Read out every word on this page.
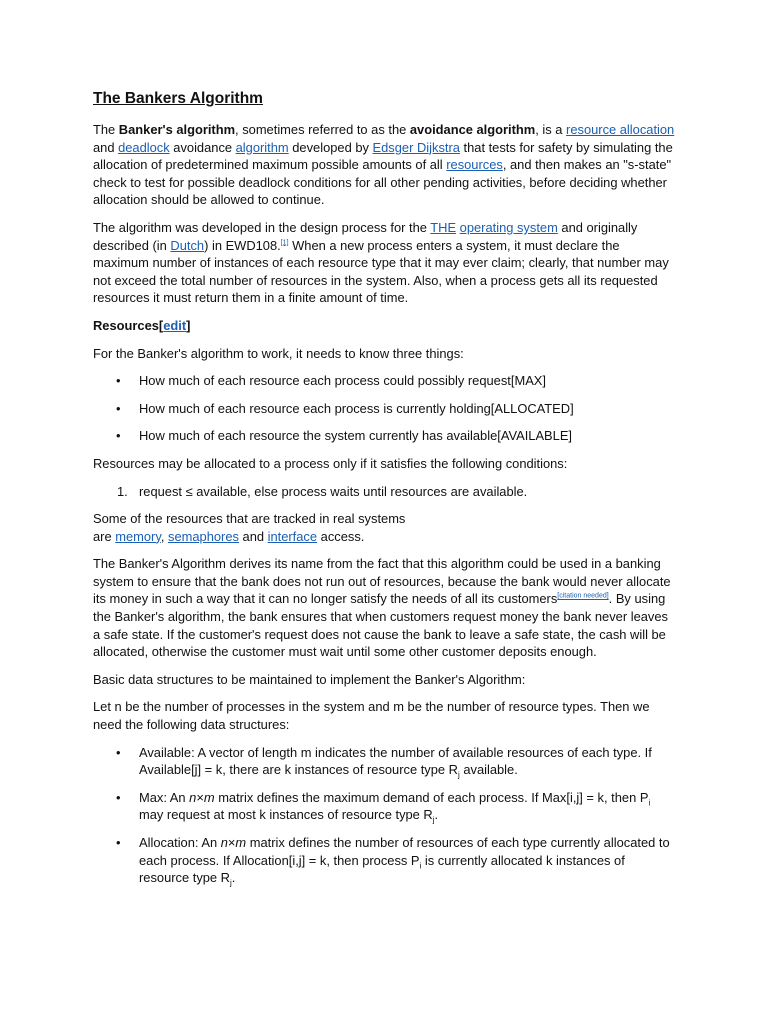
The Bankers Algorithm

The Banker's algorithm, sometimes referred to as the avoidance algorithm, is a resource allocation and deadlock avoidance algorithm developed by Edsger Dijkstra that tests for safety by simulating the allocation of predetermined maximum possible amounts of all resources, and then makes an "s-state" check to test for possible deadlock conditions for all other pending activities, before deciding whether allocation should be allowed to continue.

The algorithm was developed in the design process for the THE operating system and originally described (in Dutch) in EWD108.[1] When a new process enters a system, it must declare the maximum number of instances of each resource type that it may ever claim; clearly, that number may not exceed the total number of resources in the system. Also, when a process gets all its requested resources it must return them in a finite amount of time.

Resources[edit]

For the Banker's algorithm to work, it needs to know three things:

• How much of each resource each process could possibly request[MAX]
• How much of each resource each process is currently holding[ALLOCATED]
• How much of each resource the system currently has available[AVAILABLE]

Resources may be allocated to a process only if it satisfies the following conditions:

1. request ≤ available, else process waits until resources are available.

Some of the resources that are tracked in real systems
are memory, semaphores and interface access.

The Banker's Algorithm derives its name from the fact that this algorithm could be used in a banking system to ensure that the bank does not run out of resources, because the bank would never allocate its money in such a way that it can no longer satisfy the needs of all its customers[citation needed]. By using the Banker's algorithm, the bank ensures that when customers request money the bank never leaves a safe state. If the customer's request does not cause the bank to leave a safe state, the cash will be allocated, otherwise the customer must wait until some other customer deposits enough.

Basic data structures to be maintained to implement the Banker's Algorithm:

Let n be the number of processes in the system and m be the number of resource types. Then we need the following data structures:

• Available: A vector of length m indicates the number of available resources of each type. If Available[j] = k, there are k instances of resource type $R_j$ available.
• Max: An n×m matrix defines the maximum demand of each process. If Max[i,j] = k, then $P_i$ may request at most k instances of resource type $R_j$.
• Allocation: An n×m matrix defines the number of resources of each type currently allocated to each process. If Allocation[i,j] = k, then process $P_i$ is currently allocated k instances of resource type $R_j$.
